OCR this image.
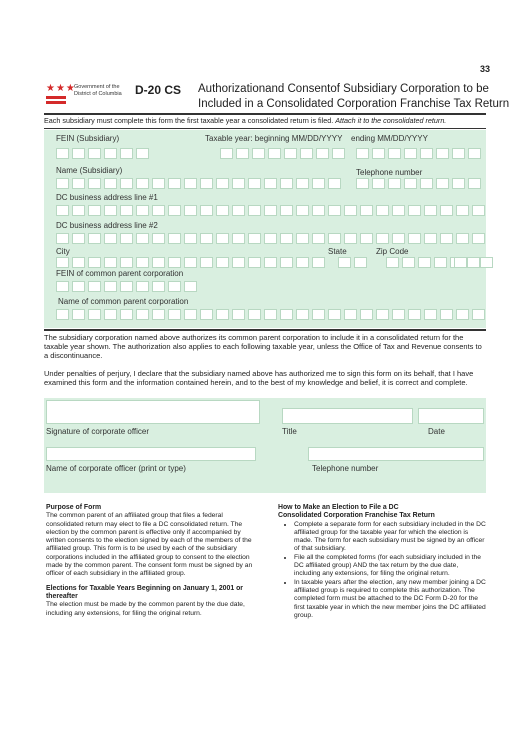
33
★★★
Government of the
District of Columbia D-20 CS Authorizationand Consentof Subsidiary Corporation to be
Included in a Consolidated Corporation Franchise Tax Return
Each subsidiary must complete this form the first taxable year a consolidated return is filed. Attach it to the consolidated return.
FEIN (Subsidiary)	Taxable year: beginning MM/DD/YYYY ending MM/DD/YYYY
Name (Subsidiary)	Telephone number
DC business address line #1
DC business address line #2
City	State	Zip Code
FEIN of common parent corporation
Name of common parent corporation
The subsidiary corporation named above authorizes its common parent corporation to include it in a consolidated return for the taxable year shown. The authorization also applies to each following taxable year, unless the Office of Tax and Revenue consents to a discontinuance.
Under penalties of perjury, I declare that the subsidiary named above has authorized me to sign this form on its behalf, that I have examined this form and the information contained herein, and to the best of my knowledge and belief, it is correct and complete.
Signature of corporate officer	Title	Date
Name of corporate officer (print or type)	Telephone number
Purpose of Form
The common parent of an affiliated group that files a federal consolidated return may elect to file a DC consolidated return. The election by the common parent is effective only if accompanied by written consents to the election signed by each of the members of the affiliated group. This form is to be used by each of the subsidiary corporations included in the affiliated group to consent to the election made by the common parent. The consent form must be signed by an officer of each subsidiary in the affiliated group.
Elections for Taxable Years Beginning on January 1, 2001 or thereafter
The election must be made by the common parent by the due date, including any extensions, for filing the original return.
How to Make an Election to File a DC
Consolidated Corporation Franchise Tax Return
• Complete a separate form for each subsidiary included in the DC affiliated group for the taxable year for which the election is made. The form for each subsidiary must be signed by an officer of that subsidiary.
• File all the completed forms (for each subsidiary included in the DC affiliated group) AND the tax return by the due date, including any extensions, for filing the original return.
• In taxable years after the election, any new member joining a DC affiliated group is required to complete this authorization. The completed form must be attached to the DC Form D-20 for the first taxable year in which the new member joins the DC affiliated group.
